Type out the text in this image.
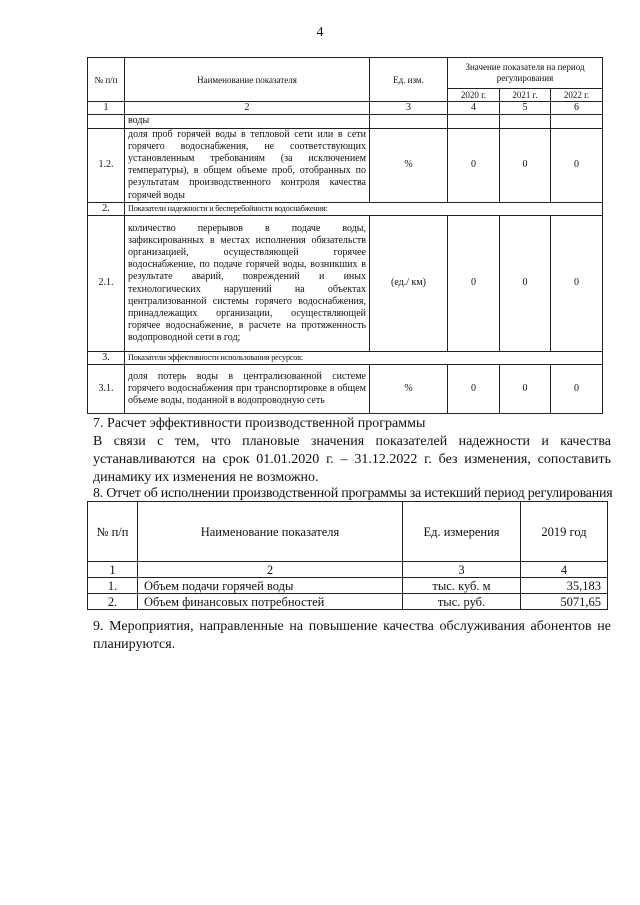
4
№ п/п	Наименование показателя	Ед. изм.	Значение показателя на период регулирования		
			2020 г.	2021 г.	2022 г.
1	2	3	4	5	6
	воды				
1.2.	доля проб горячей воды в тепловой сети или в сети горячего водоснабжения, не соответствующих установленным требованиям (за исключением температуры), в общем объеме проб, отобранных по результатам производственного контроля качества горячей воды	%	0	0	0
2.	Показатели надежности и бесперебойности водоснабжения:				
2.1.	количество перерывов в подаче воды, зафиксированных в местах исполнения обязательств организацией, осуществляющей горячее водоснабжение, по подаче горячей воды, возникших в результате аварий, повреждений и иных технологических нарушений на объектах централизованной системы горячего водоснабжения, принадлежащих организации, осуществляющей горячее водоснабжение, в расчете на протяженность водопроводной сети в год;	(ед./ км)	0	0	0
3.	Показатели эффективности использования ресурсов:				
3.1.	доля потерь воды в централизованной системе горячего водоснабжения при транспортировке в общем объеме воды, поданной в водопроводную сеть	%	0	0	0
7. Расчет эффективности производственной программы
В связи с тем, что плановые значения показателей надежности и качества устанавливаются на срок 01.01.2020 г. – 31.12.2022 г. без изменения, сопоставить динамику их изменения не возможно.
8. Отчет об исполнении производственной программы за истекший период регулирования
№ п/п	Наименование показателя	Ед. измерения	2019 год
1	2	3	4
1.	Объем подачи горячей воды	тыс. куб. м	35,183
2.	Объем финансовых потребностей	тыс. руб.	5071,65
9. Мероприятия, направленные на повышение качества обслуживания абонентов не планируются.
